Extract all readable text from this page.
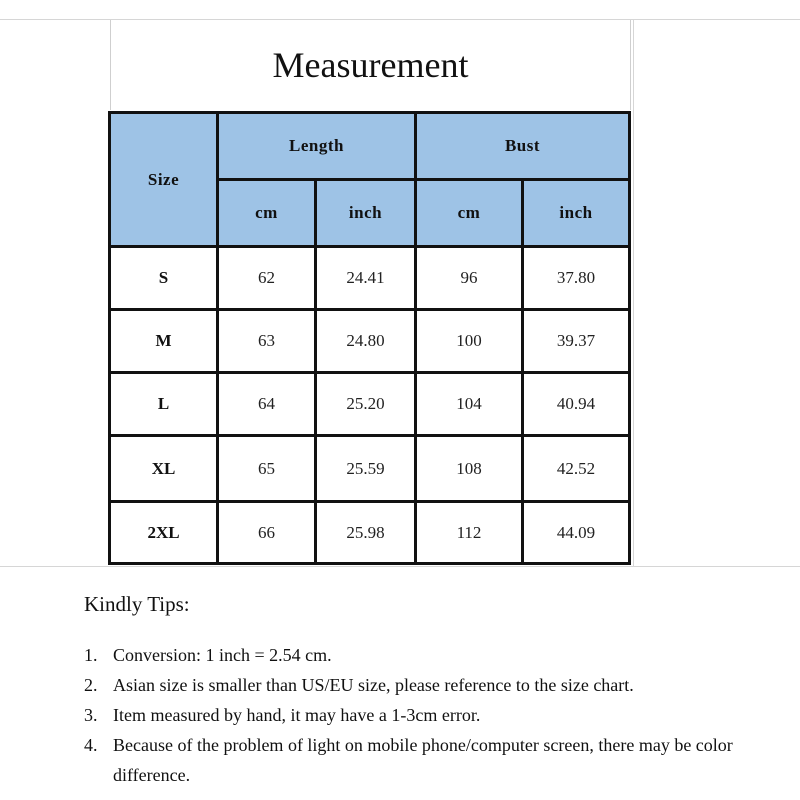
Measurement
Size	Length		Bust	
	cm	inch	cm	inch
S	62	24.41	96	37.80
M	63	24.80	100	39.37
L	64	25.20	104	40.94
XL	65	25.59	108	42.52
2XL	66	25.98	112	44.09
Kindly Tips:
1. Conversion: 1 inch = 2.54 cm.
2. Asian size is smaller than US/EU size, please reference to the size chart.
3. Item measured by hand, it may have a 1-3cm error.
4. Because of the problem of light on mobile phone/computer screen, there may be color difference.
